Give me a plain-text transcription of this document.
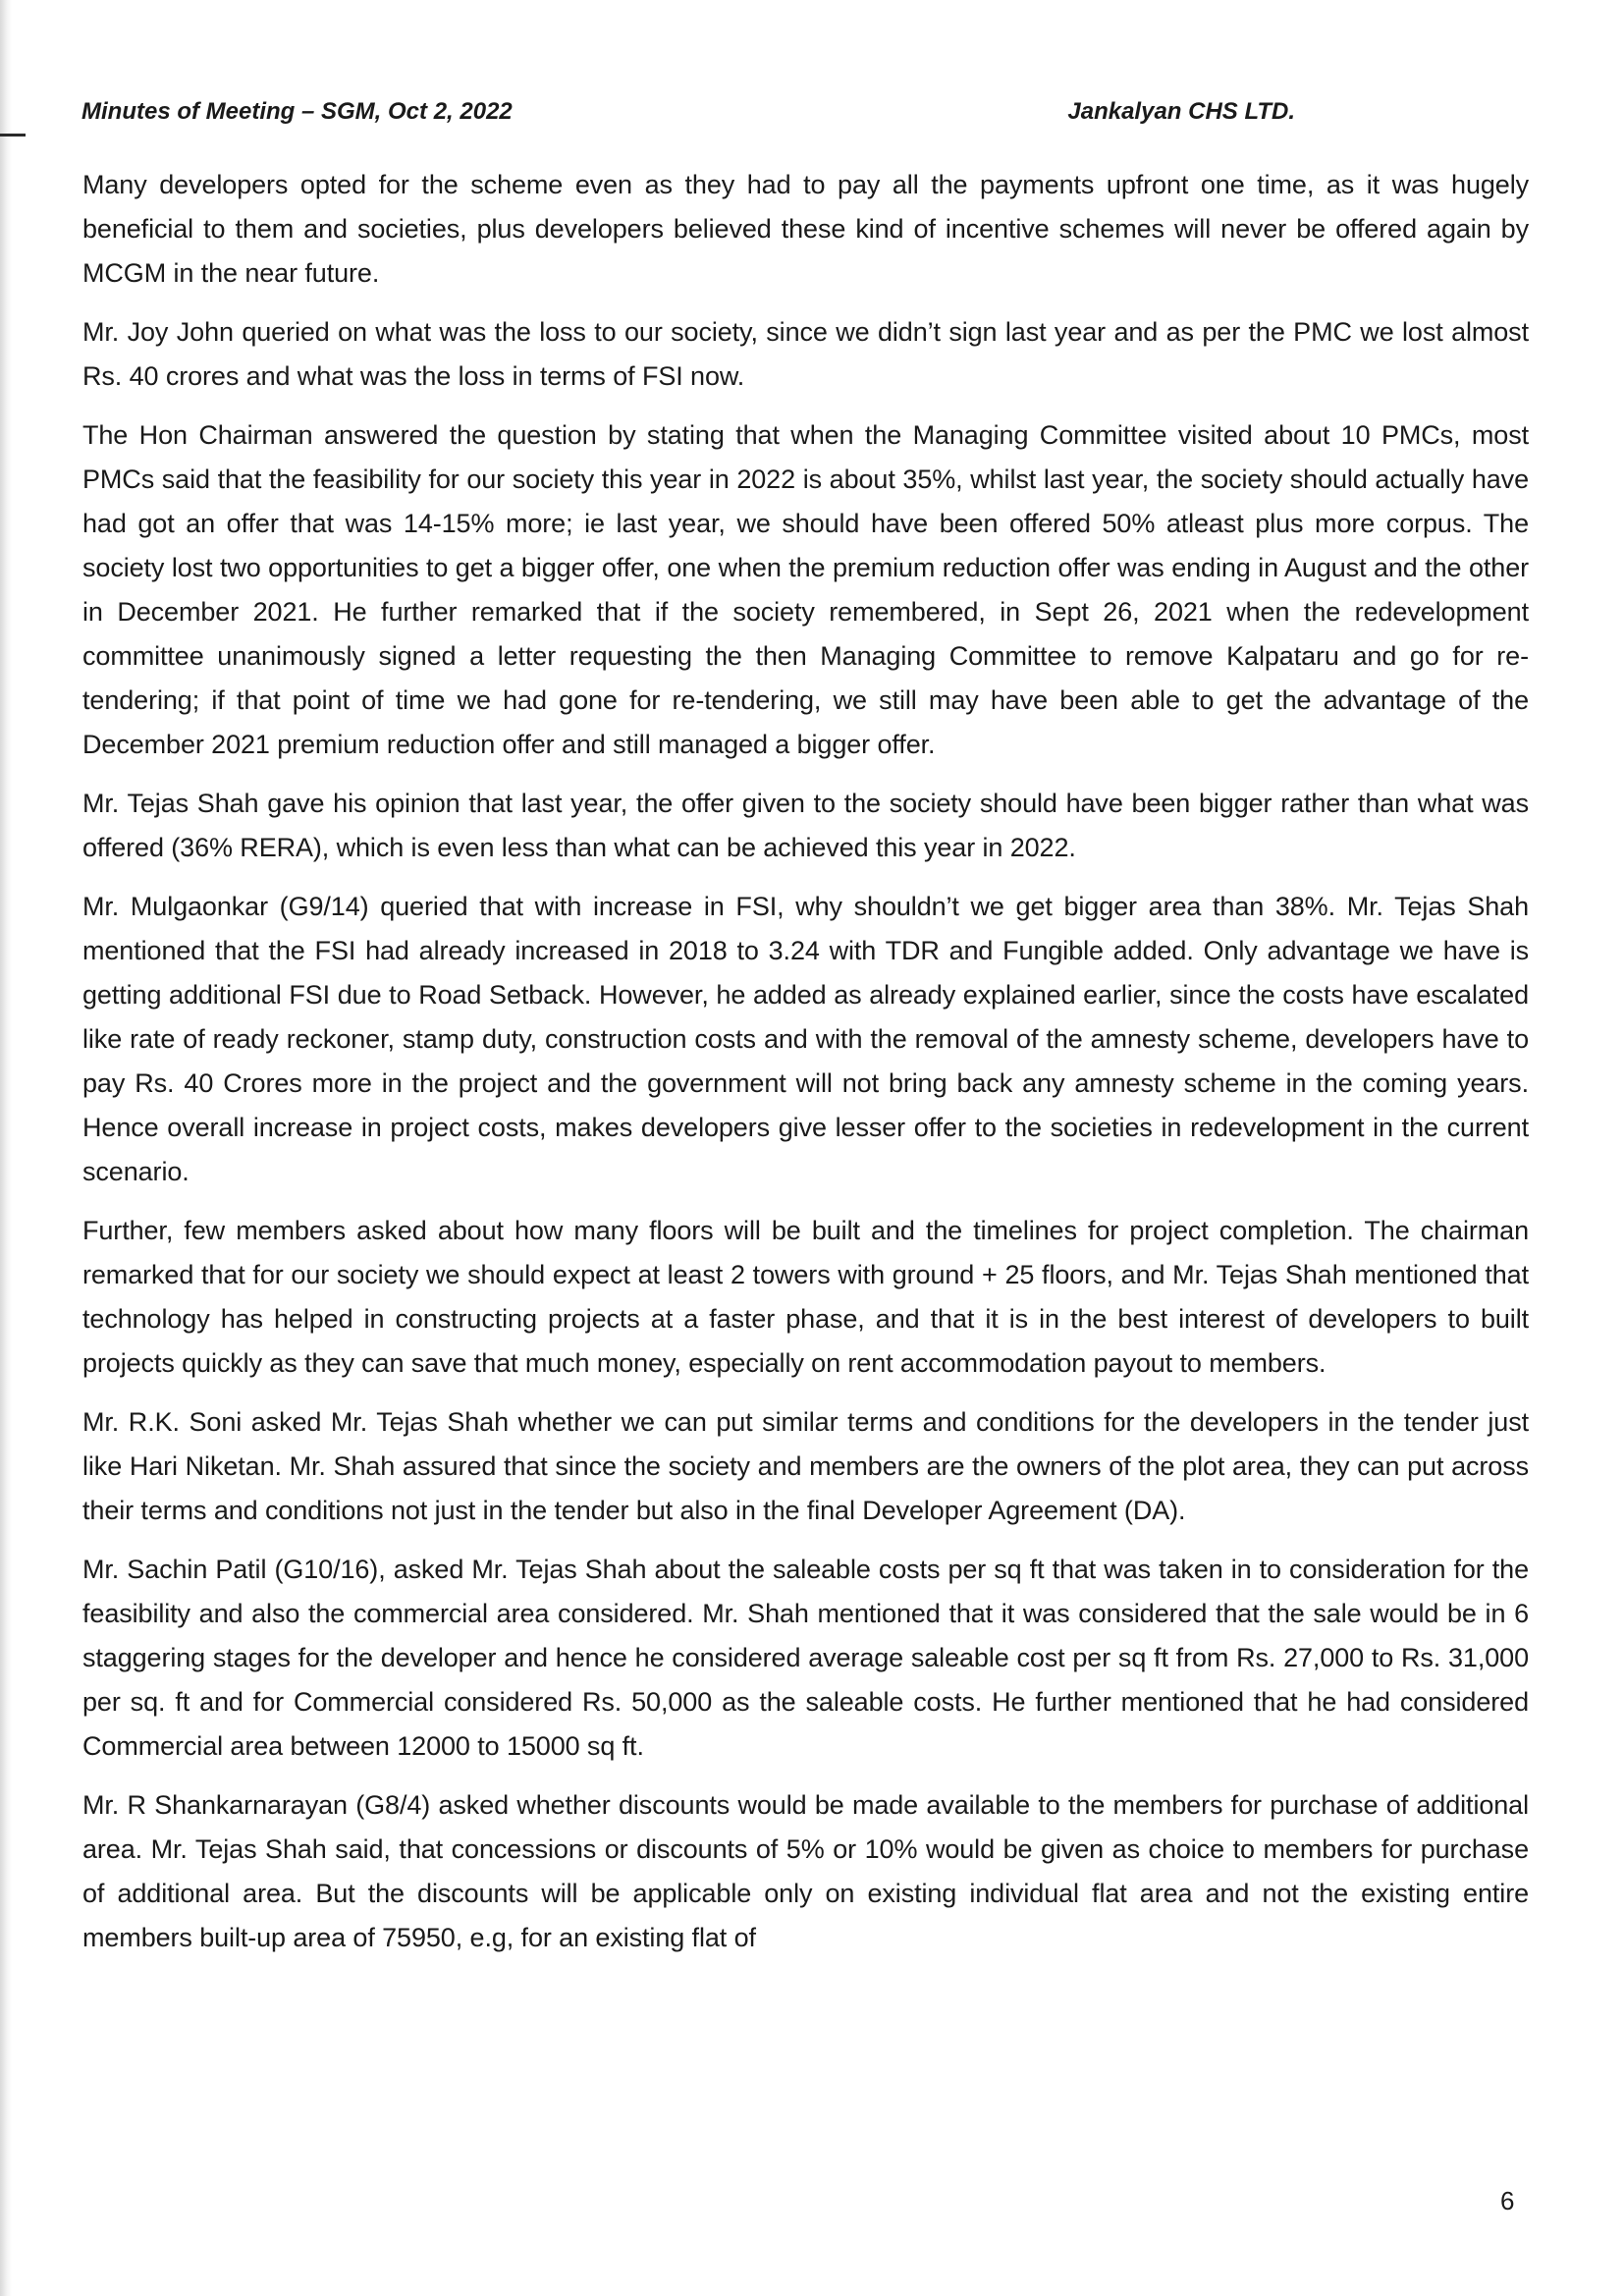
Minutes of Meeting – SGM, Oct 2, 2022	Jankalyan CHS LTD.

Many developers opted for the scheme even as they had to pay all the payments upfront one time, as it was hugely beneficial to them and societies, plus developers believed these kind of incentive schemes will never be offered again by MCGM in the near future.

Mr. Joy John queried on what was the loss to our society, since we didn’t sign last year and as per the PMC we lost almost Rs. 40 crores and what was the loss in terms of FSI now.

The Hon Chairman answered the question by stating that when the Managing Committee visited about 10 PMCs, most PMCs said that the feasibility for our society this year in 2022 is about 35%, whilst last year, the society should actually have had got an offer that was 14-15% more; ie last year, we should have been offered 50% atleast plus more corpus. The society lost two opportunities to get a bigger offer, one when the premium reduction offer was ending in August and the other in December 2021. He further remarked that if the society remembered, in Sept 26, 2021 when the redevelopment committee unanimously signed a letter requesting the then Managing Committee to remove Kalpataru and go for re-tendering; if that point of time we had gone for re-tendering, we still may have been able to get the advantage of the December 2021 premium reduction offer and still managed a bigger offer.

Mr. Tejas Shah gave his opinion that last year, the offer given to the society should have been bigger rather than what was offered (36% RERA), which is even less than what can be achieved this year in 2022.

Mr. Mulgaonkar (G9/14) queried that with increase in FSI, why shouldn’t we get bigger area than 38%. Mr. Tejas Shah mentioned that the FSI had already increased in 2018 to 3.24 with TDR and Fungible added. Only advantage we have is getting additional FSI due to Road Setback. However, he added as already explained earlier, since the costs have escalated like rate of ready reckoner, stamp duty, construction costs and with the removal of the amnesty scheme, developers have to pay Rs. 40 Crores more in the project and the government will not bring back any amnesty scheme in the coming years. Hence overall increase in project costs, makes developers give lesser offer to the societies in redevelopment in the current scenario.

Further, few members asked about how many floors will be built and the timelines for project completion. The chairman remarked that for our society we should expect at least 2 towers with ground + 25 floors, and Mr. Tejas Shah mentioned that technology has helped in constructing projects at a faster phase, and that it is in the best interest of developers to built projects quickly as they can save that much money, especially on rent accommodation payout to members.

Mr. R.K. Soni asked Mr. Tejas Shah whether we can put similar terms and conditions for the developers in the tender just like Hari Niketan. Mr. Shah assured that since the society and members are the owners of the plot area, they can put across their terms and conditions not just in the tender but also in the final Developer Agreement (DA).

Mr. Sachin Patil (G10/16), asked Mr. Tejas Shah about the saleable costs per sq ft that was taken in to consideration for the feasibility and also the commercial area considered. Mr. Shah mentioned that it was considered that the sale would be in 6 staggering stages for the developer and hence he considered average saleable cost per sq ft from Rs. 27,000 to Rs. 31,000 per sq. ft and for Commercial considered Rs. 50,000 as the saleable costs. He further mentioned that he had considered Commercial area between 12000 to 15000 sq ft.

Mr. R Shankarnarayan (G8/4) asked whether discounts would be made available to the members for purchase of additional area. Mr. Tejas Shah said, that concessions or discounts of 5% or 10% would be given as choice to members for purchase of additional area. But the discounts will be applicable only on existing individual flat area and not the existing entire members built-up area of 75950, e.g, for an existing flat of

6
